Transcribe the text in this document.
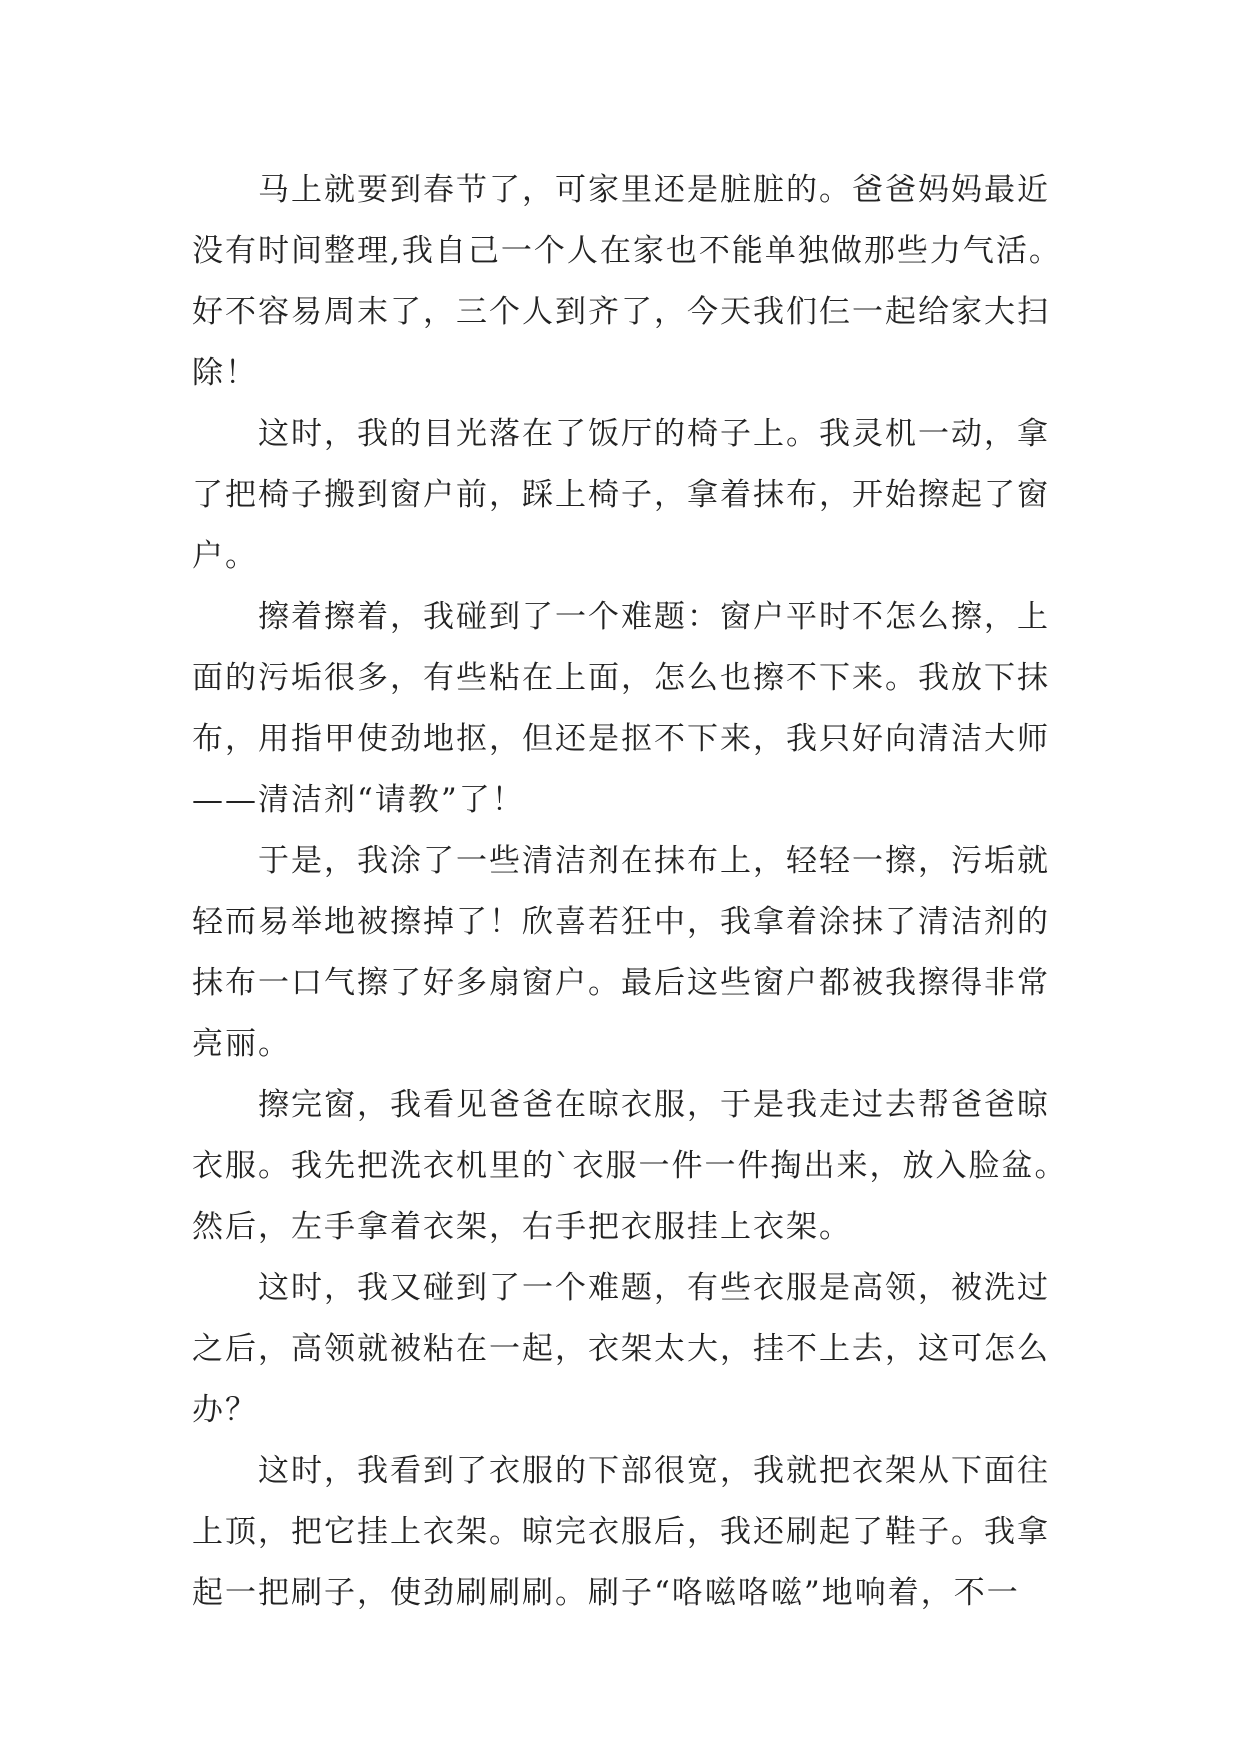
马上就要到春节了，可家里还是脏脏的。爸爸妈妈最近
没有时间整理,我自己一个人在家也不能单独做那些力气活。
好不容易周末了，三个人到齐了，今天我们仨一起给家大扫
除！
这时，我的目光落在了饭厅的椅子上。我灵机一动，拿
了把椅子搬到窗户前，踩上椅子，拿着抹布，开始擦起了窗
户。
擦着擦着，我碰到了一个难题：窗户平时不怎么擦，上
面的污垢很多，有些粘在上面，怎么也擦不下来。我放下抹
布，用指甲使劲地抠，但还是抠不下来，我只好向清洁大师
——清洁剂“请教”了！
于是，我涂了一些清洁剂在抹布上，轻轻一擦，污垢就
轻而易举地被擦掉了！欣喜若狂中，我拿着涂抹了清洁剂的
抹布一口气擦了好多扇窗户。最后这些窗户都被我擦得非常
亮丽。
擦完窗，我看见爸爸在晾衣服，于是我走过去帮爸爸晾
衣服。我先把洗衣机里的`衣服一件一件掏出来，放入脸盆。
然后，左手拿着衣架，右手把衣服挂上衣架。
这时，我又碰到了一个难题，有些衣服是高领，被洗过
之后，高领就被粘在一起，衣架太大，挂不上去，这可怎么
办？
这时，我看到了衣服的下部很宽，我就把衣架从下面往
上顶，把它挂上衣架。晾完衣服后，我还刷起了鞋子。我拿
起一把刷子，使劲刷刷刷。刷子“咯嗞咯嗞”地响着，不一
